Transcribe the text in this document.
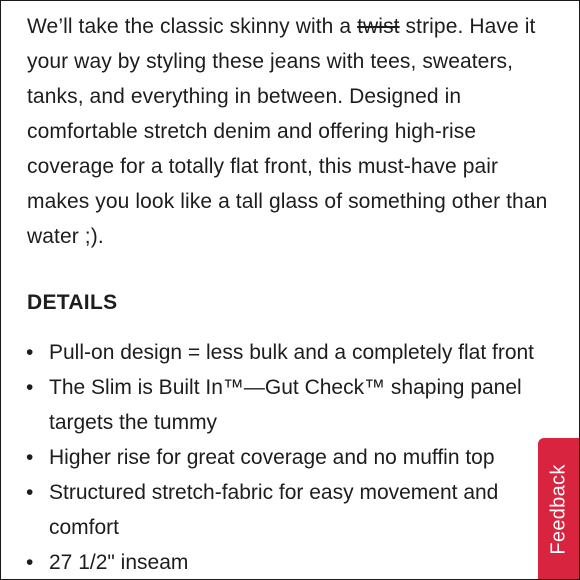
We’ll take the classic skinny with a twist stripe. Have it your way by styling these jeans with tees, sweaters, tanks, and everything in between. Designed in comfortable stretch denim and offering high-rise coverage for a totally flat front, this must-have pair makes you look like a tall glass of something other than water ;).

DETAILS
• Pull-on design = less bulk and a completely flat front
• The Slim is Built In™—Gut Check™ shaping panel targets the tummy
• Higher rise for great coverage and no muffin top
• Structured stretch-fabric for easy movement and comfort
• 27 1/2" inseam
Feedback
